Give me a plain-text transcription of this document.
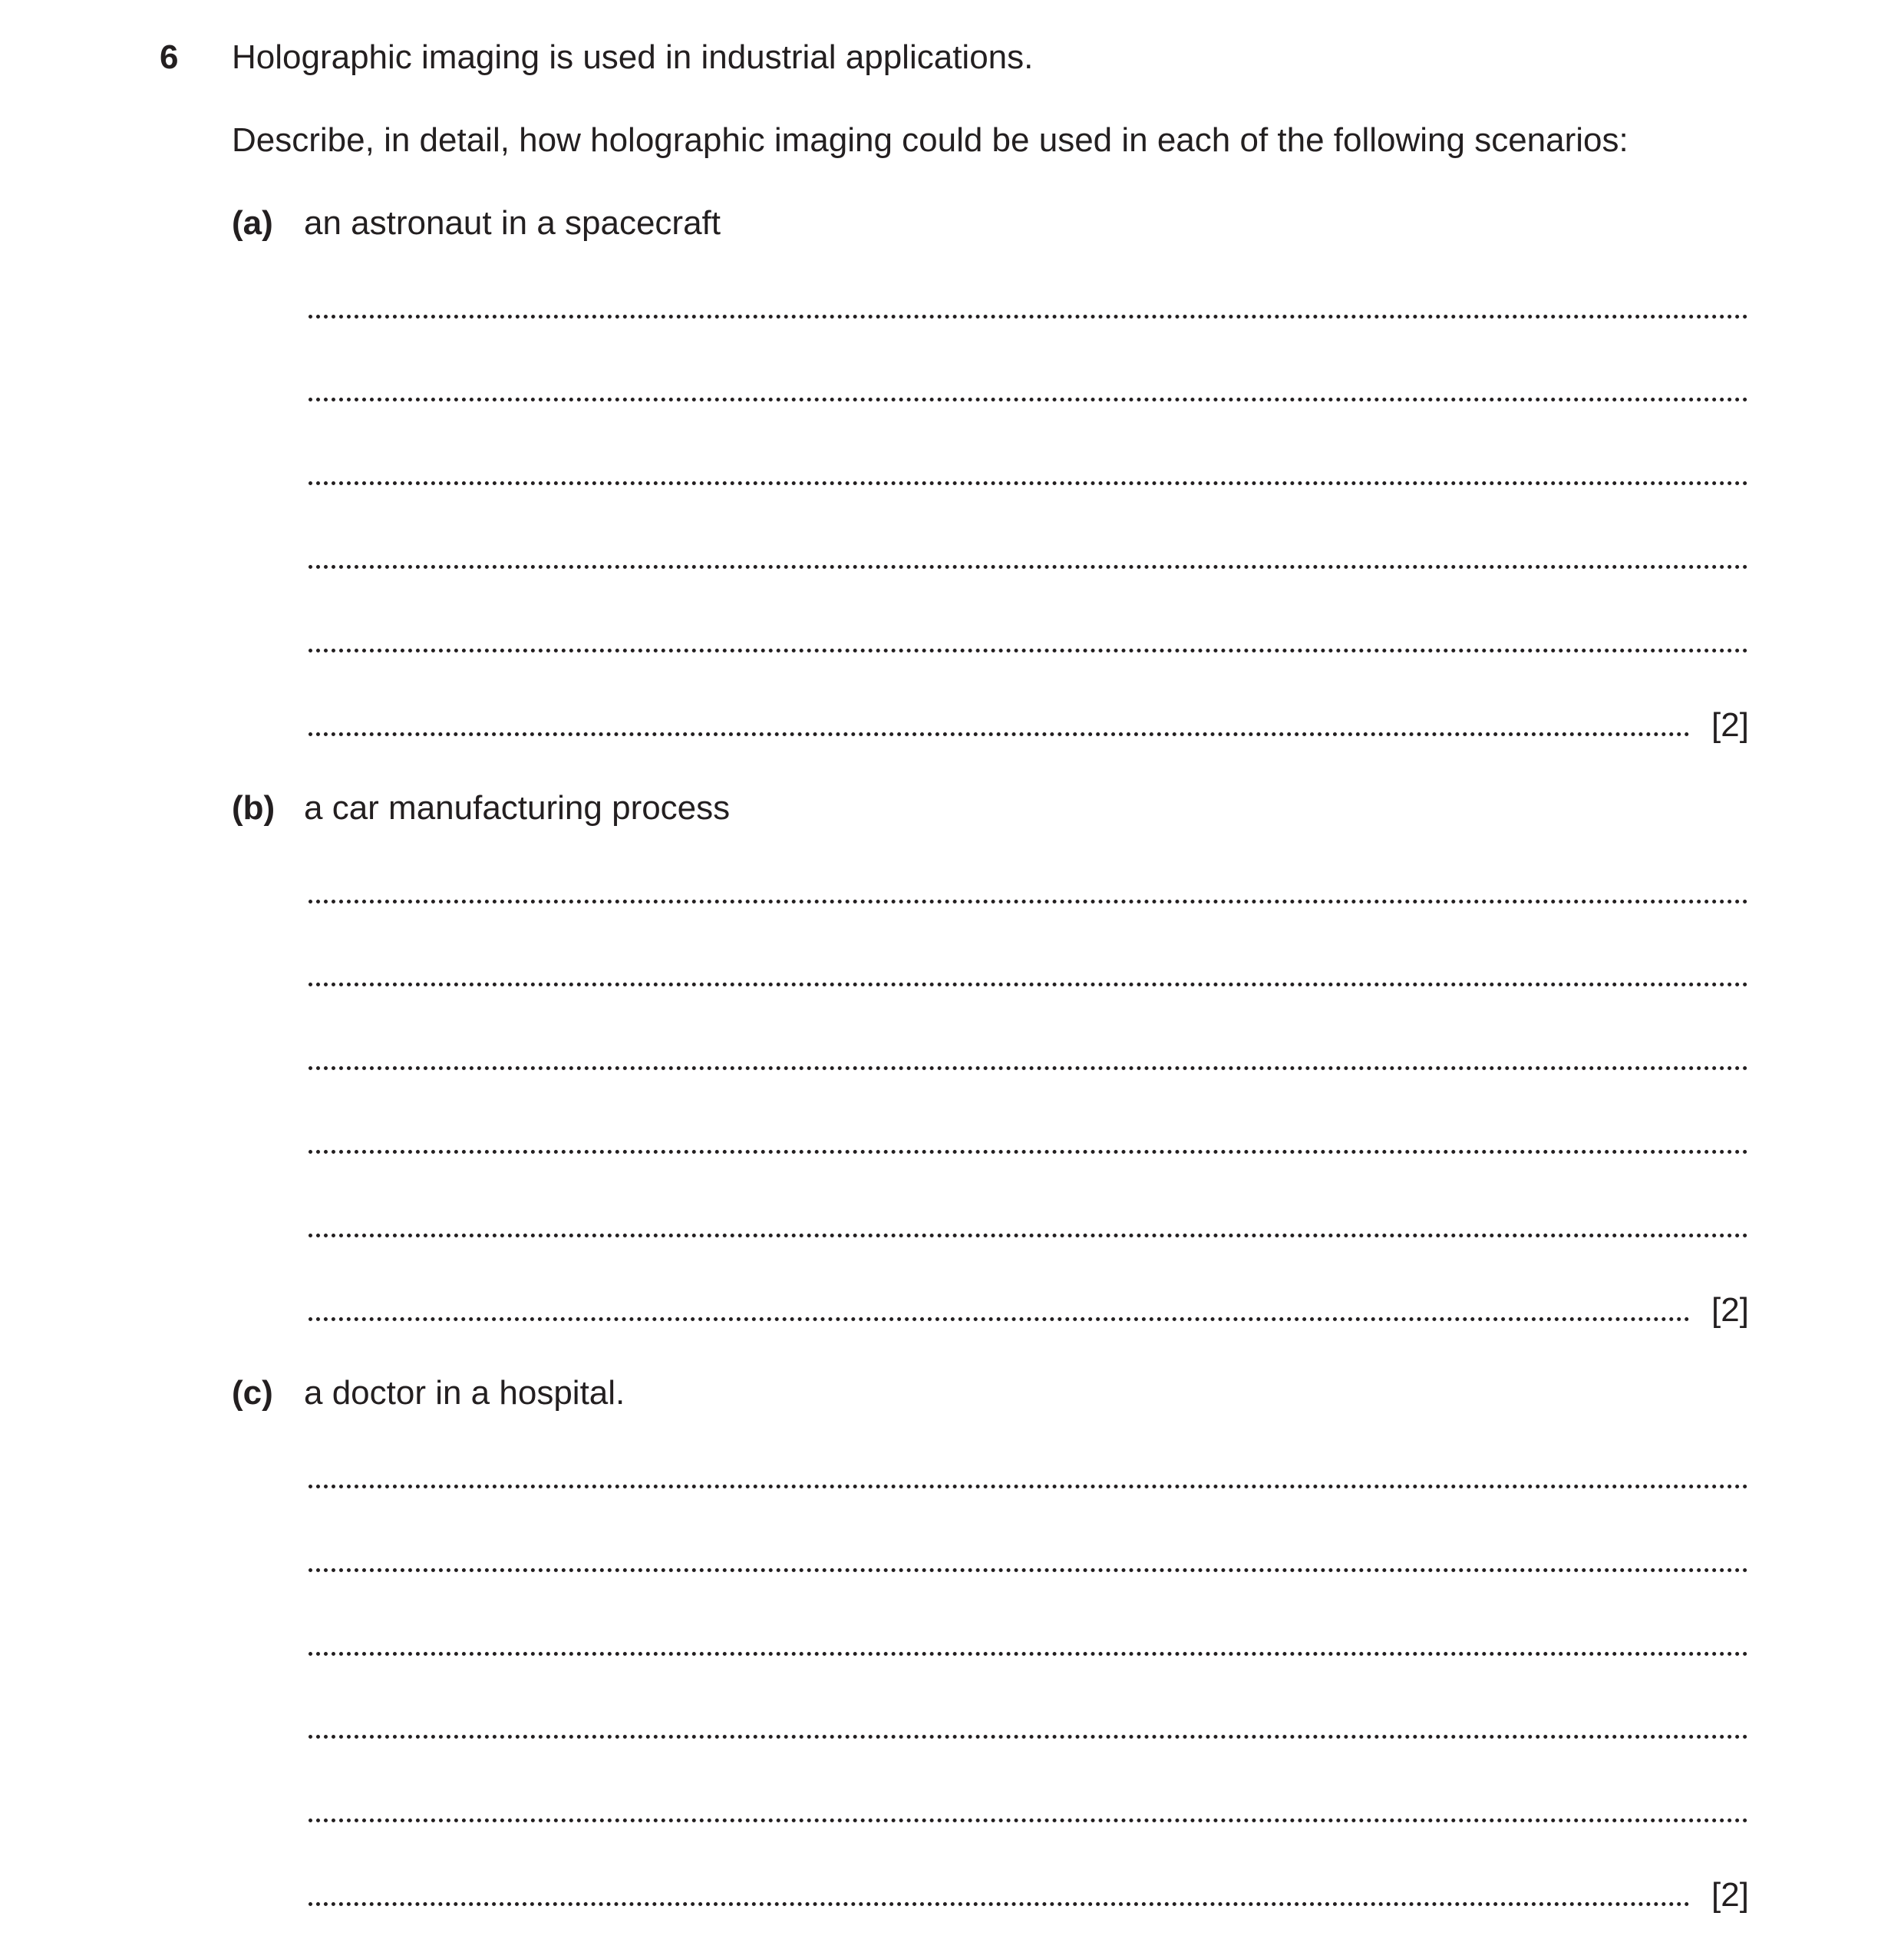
6 Holographic imaging is used in industrial applications.
Describe, in detail, how holographic imaging could be used in each of the following scenarios:
(a) an astronaut in a spacecraft
[2]
(b) a car manufacturing process
[2]
(c) a doctor in a hospital.
[2]
